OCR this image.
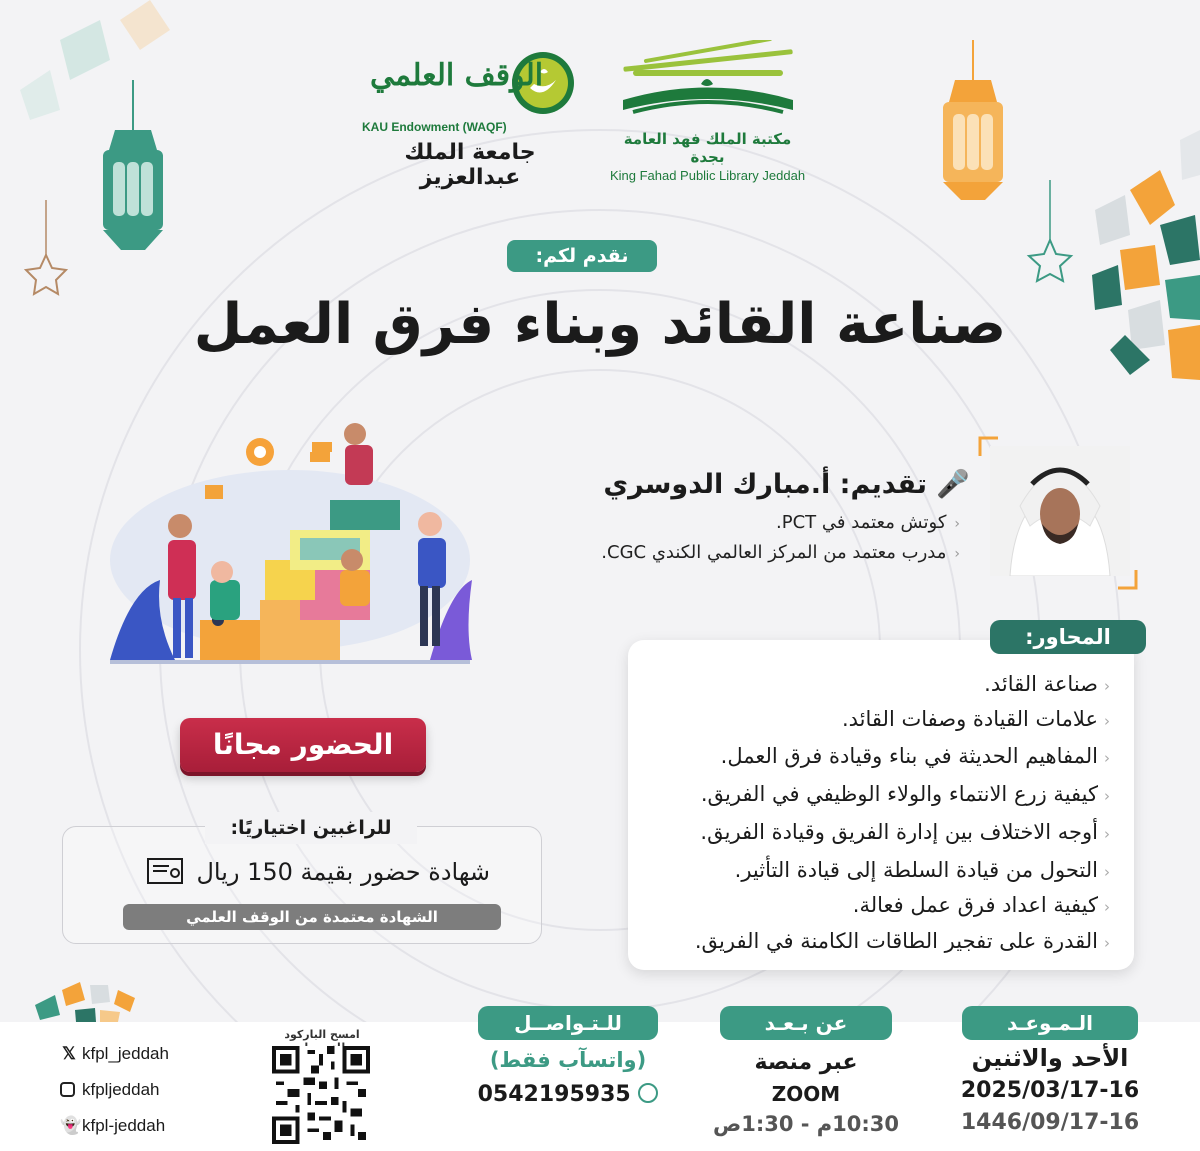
مكتبة الملك فهد العامة بجدة
King Fahad Public Library Jeddah
الوقف العلمي
KAU Endowment (WAQF)
جامعة الملك عبدالعزيز
نقدم لكم:
صناعة القائد وبناء فرق العمل
🎤 تقديم: أ.مبارك الدوسري
‹كوتش معتمد في PCT.
‹مدرب معتمد من المركز العالمي الكندي CGC.
الحضور مجانًا
للراغبين اختياريًا:
شهادة حضور بقيمة 150 ريال
الشهادة معتمدة من الوقف العلمي
المحاور:
‹صناعة القائد.
‹علامات القيادة وصفات القائد.
‹المفاهيم الحديثة في بناء وقيادة فرق العمل.
‹كيفية زرع الانتماء والولاء الوظيفي في الفريق.
‹أوجه الاختلاف بين إدارة الفريق وقيادة الفريق.
‹التحول من قيادة السلطة إلى قيادة التأثير.
‹كيفية اعداد فرق عمل فعالة.
‹القدرة على تفجير الطاقات الكامنة في الفريق.
الـمـوعـد
الأحد والاثنين
2025/03/17-16
1446/09/17-16
عن بـعـد
عبر منصة
ZOOM
10:30م - 1:30ص
للـتـواصــل
(واتسآب فقط)
0542195935
امسح الباركود
𝕏 kfpl_jeddah
kfpljeddah
👻kfpl-jeddah
